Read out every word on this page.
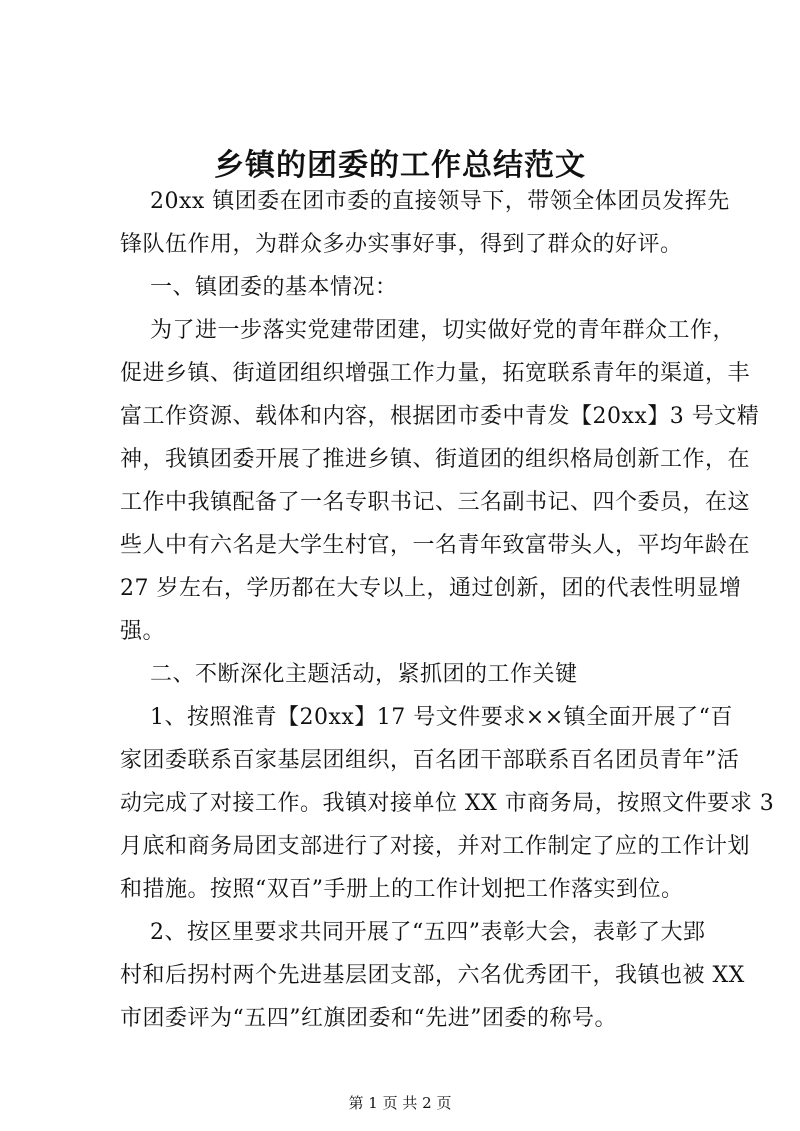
乡镇的团委的工作总结范文
20xx 镇团委在团市委的直接领导下，带领全体团员发挥先
锋队伍作用，为群众多办实事好事，得到了群众的好评。
一、镇团委的基本情况：
为了进一步落实党建带团建，切实做好党的青年群众工作，
促进乡镇、街道团组织增强工作力量，拓宽联系青年的渠道，丰
富工作资源、载体和内容，根据团市委中青发【20xx】3 号文精
神，我镇团委开展了推进乡镇、街道团的组织格局创新工作，在
工作中我镇配备了一名专职书记、三名副书记、四个委员，在这
些人中有六名是大学生村官，一名青年致富带头人，平均年龄在
27 岁左右，学历都在大专以上，通过创新，团的代表性明显增
强。
二、不断深化主题活动，紧抓团的工作关键
1、按照淮青【20xx】17 号文件要求××镇全面开展了“百
家团委联系百家基层团组织，百名团干部联系百名团员青年”活
动完成了对接工作。我镇对接单位 XX 市商务局，按照文件要求 3
月底和商务局团支部进行了对接，并对工作制定了应的工作计划
和措施。按照“双百”手册上的工作计划把工作落实到位。
2、按区里要求共同开展了“五四”表彰大会，表彰了大郢
村和后拐村两个先进基层团支部，六名优秀团干，我镇也被 XX
市团委评为“五四”红旗团委和“先进”团委的称号。
第 1 页 共 2 页
